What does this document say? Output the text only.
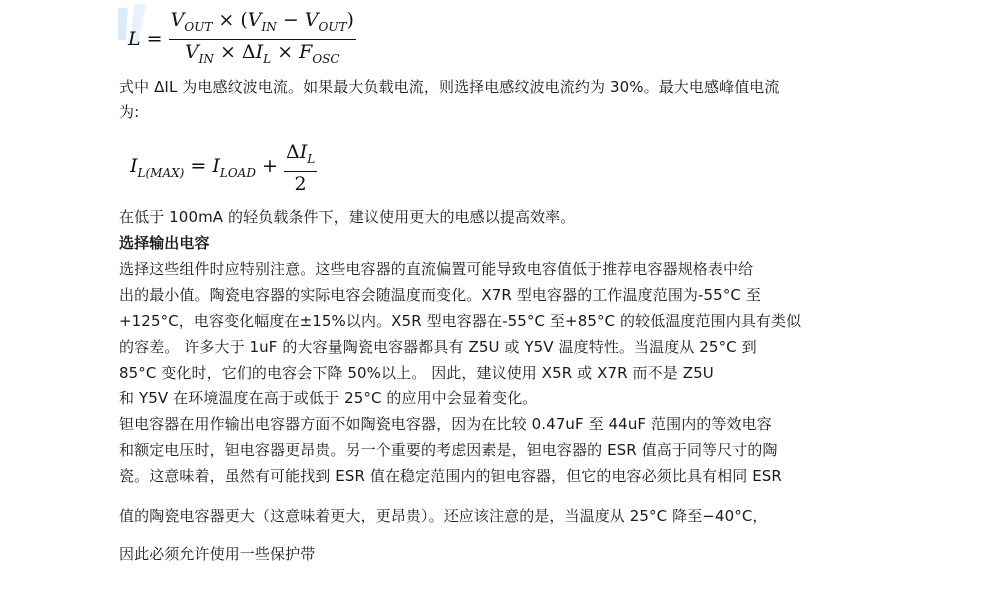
$L = \frac{V_{OUT} \times (V_{IN} - V_{OUT})}{V_{IN} \times \Delta I_L \times F_{OSC}}$
$I_{L(MAX)} = I_{LOAD} + \frac{\Delta I_L}{2}$
式中 ΔIL 为电感纹波电流。如果最大负载电流，则选择电感纹波电流约为 30%。最大电感峰值电流
为:
在低于 100mA 的轻负载条件下，建议使用更大的电感以提高效率。
选择输出电容
选择这些组件时应特别注意。这些电容器的直流偏置可能导致电容值低于推荐电容器规格表中给
出的最小值。陶瓷电容器的实际电容会随温度而变化。X7R 型电容器的工作温度范围为-55°C 至
+125°C，电容变化幅度在±15%以内。X5R 型电容器在-55°C 至+85°C 的较低温度范围内具有类似
的容差。 许多大于 1uF 的大容量陶瓷电容器都具有 Z5U 或 Y5V 温度特性。当温度从 25°C 到
85°C 变化时，它们的电容会下降 50%以上。 因此，建议使用 X5R 或 X7R 而不是 Z5U
和 Y5V 在环境温度在高于或低于 25°C 的应用中会显着变化。
钽电容器在用作输出电容器方面不如陶瓷电容器，因为在比较 0.47uF 至 44uF 范围内的等效电容
和额定电压时，钽电容器更昂贵。另一个重要的考虑因素是，钽电容器的 ESR 值高于同等尺寸的陶
瓷。这意味着，虽然有可能找到 ESR 值在稳定范围内的钽电容器，但它的电容必须比具有相同 ESR
值的陶瓷电容器更大（这意味着更大，更昂贵）。还应该注意的是，当温度从 25°C 降至−40°C，
因此必须允许使用一些保护带
